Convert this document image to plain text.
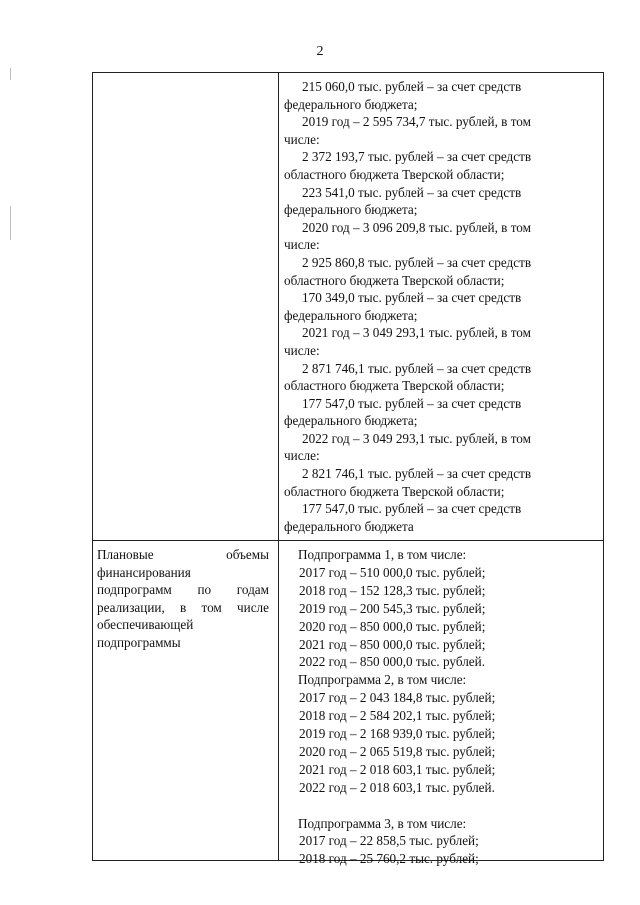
2

215 060,0 тыс. рублей – за счет средств

федерального бюджета;

2019 год – 2 595 734,7 тыс. рублей, в том

числе:

2 372 193,7 тыс. рублей – за счет средств

областного бюджета Тверской области;

223 541,0 тыс. рублей – за счет средств

федерального бюджета;

2020 год – 3 096 209,8 тыс. рублей, в том

числе:

2 925 860,8 тыс. рублей – за счет средств

областного бюджета Тверской области;

170 349,0 тыс. рублей – за счет средств

федерального бюджета;

2021 год – 3 049 293,1 тыс. рублей, в том

числе:

2 871 746,1 тыс. рублей – за счет средств

областного бюджета Тверской области;

177 547,0 тыс. рублей – за счет средств

федерального бюджета;

2022 год – 3 049 293,1 тыс. рублей, в том

числе:

2 821 746,1 тыс. рублей – за счет средств

областного бюджета Тверской области;

177 547,0 тыс. рублей – за счет средств

федерального бюджета

Плановые объемы
финансирования
подпрограмм по годам
реализации, в том числе
обеспечивающей
подпрограммы

Подпрограмма 1, в том числе:

2017 год – 510 000,0 тыс. рублей;

2018 год – 152 128,3 тыс. рублей;

2019 год – 200 545,3 тыс. рублей;

2020 год – 850 000,0 тыс. рублей;

2021 год – 850 000,0 тыс. рублей;

2022 год – 850 000,0 тыс. рублей.

Подпрограмма 2, в том числе:

2017 год – 2 043 184,8 тыс. рублей;

2018 год – 2 584 202,1 тыс. рублей;

2019 год – 2 168 939,0 тыс. рублей;

2020 год – 2 065 519,8 тыс. рублей;

2021 год – 2 018 603,1 тыс. рублей;

2022 год – 2 018 603,1 тыс. рублей.

Подпрограмма 3, в том числе:

2017 год – 22 858,5 тыс. рублей;

2018 год – 25 760,2 тыс. рублей;
